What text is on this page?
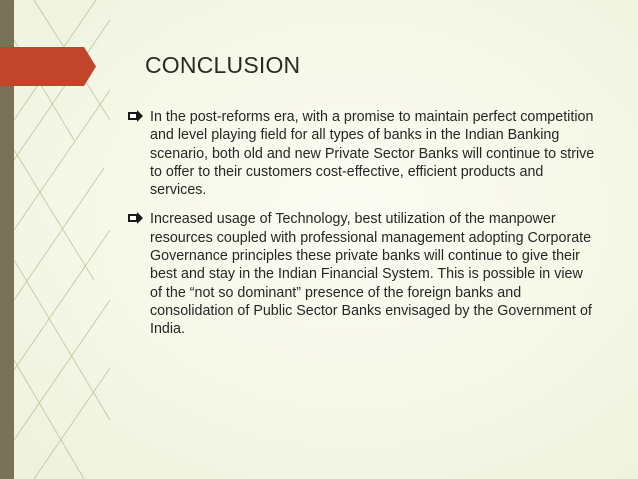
CONCLUSION
In the post-reforms era, with a promise to maintain perfect competition and level playing field for all types of banks in the Indian Banking scenario, both old and new Private Sector Banks will continue to strive to offer to their customers cost-effective, efficient products and services.
Increased usage of Technology, best utilization of the manpower resources coupled with professional management adopting Corporate Governance principles these private banks will continue to give their best and stay in the Indian Financial System. This is possible in view of the “not so dominant” presence of the foreign banks and consolidation of Public Sector Banks envisaged by the Government of India.
